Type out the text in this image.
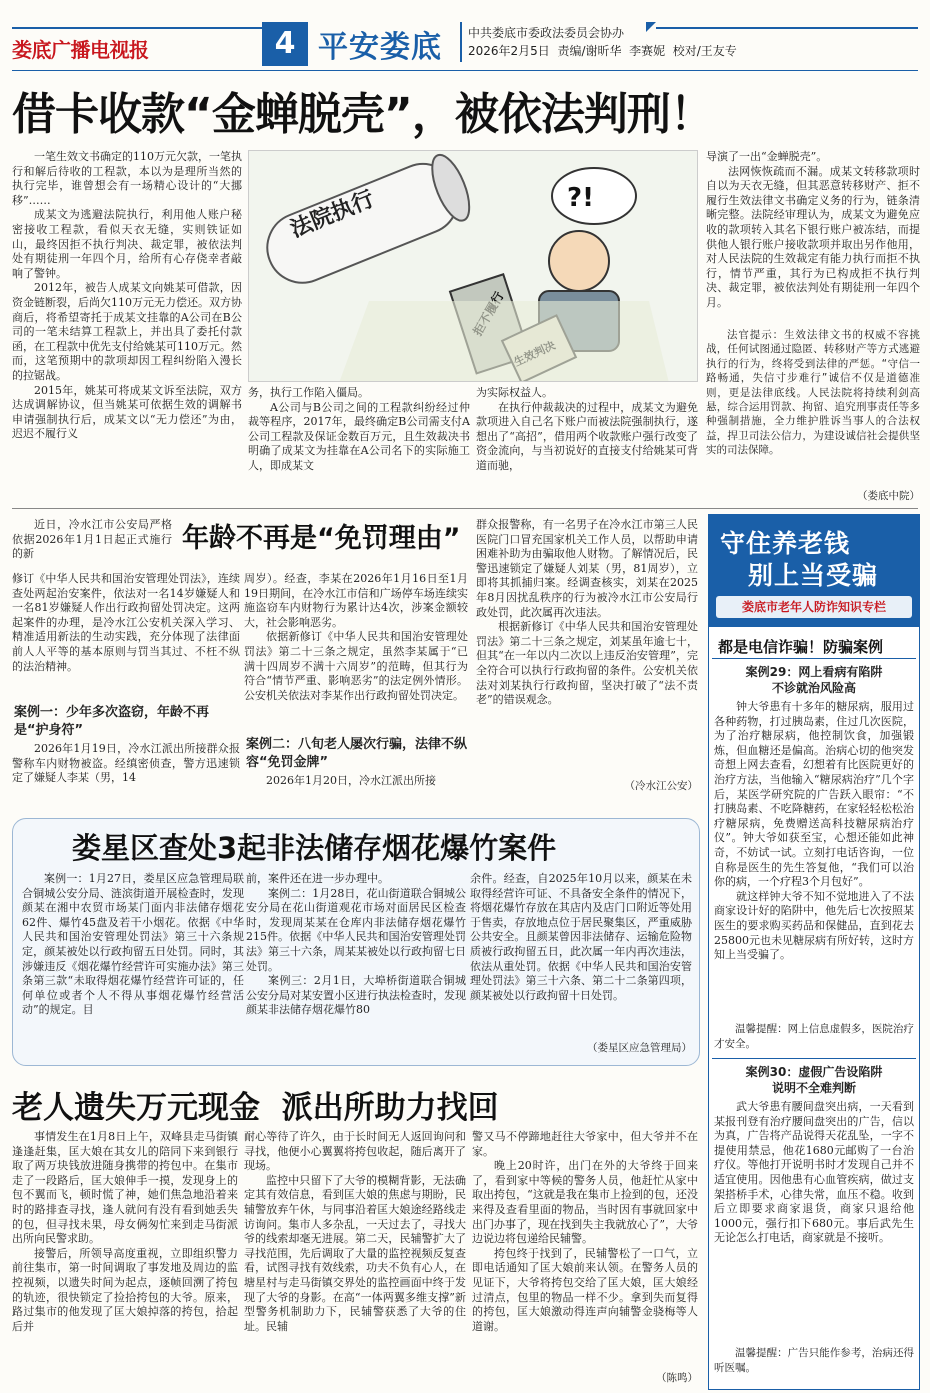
娄底广播电视报	4 平安娄底 中共娄底市委政法委员会协办
2026年2月5日  责编/谢昕华  李赛妮  校对/王友专
借卡收款“金蝉脱壳”，被依法判刑！

一笔生效文书确定的110万元欠款，一笔执行和解后待收的工程款，本以为是理所当然的执行完毕，谁曾想会有一场精心设计的“大挪移”……

成某文为逃避法院执行，利用他人账户秘密接收工程款，看似天衣无缝，实则铁证如山，最终因拒不执行判决、裁定罪，被依法判处有期徒刑一年四个月，给所有心存侥幸者敲响了警钟。

2012年，被告人成某文向姚某可借款，因资金链断裂，后尚欠110万元无力偿还。双方协商后，将希望寄托于成某文挂靠的A公司在B公司的一笔未结算工程款上，并出具了委托付款函，在工程款中优先支付给姚某可110万元。然而，这笔预期中的款项却因工程纠纷陷入漫长的拉锯战。

2015年，姚某可将成某文诉至法院，双方达成调解协议，但当姚某可依据生效的调解书申请强制执行后，成某文以“无力偿还”为由，迟迟不履行义

法院执行	?!

务，执行工作陷入僵局。

A公司与B公司之间的工程款纠纷经过仲裁等程序，2017年，最终确定B公司需支付A公司工程款及保证金数百万元，且生效裁决书明确了成某文为挂靠在A公司名下的实际施工人，即成某文

为实际权益人。

在执行仲裁裁决的过程中，成某文为避免款项进入自己名下账户而被法院强制执行，遂想出了“高招”，借用两个收款账户强行改变了资金流向，与当初说好的直接支付给姚某可背道而驰，

导演了一出“金蝉脱壳”。

法网恢恢疏而不漏。成某文转移款项时自以为天衣无缝，但其恶意转移财产、拒不履行生效法律文书确定义务的行为，链条清晰完整。法院经审理认为，成某文为避免应收的款项转入其名下银行账户被冻结，而提供他人银行账户接收款项并取出另作他用，对人民法院的生效裁定有能力执行而拒不执行，情节严重，其行为已构成拒不执行判决、裁定罪，被依法判处有期徒刑一年四个月。

法官提示：生效法律文书的权威不容挑战，任何试图通过隐匿、转移财产等方式逃避执行的行为，终将受到法律的严惩。“守信一路畅通，失信寸步难行”诚信不仅是道德准则，更是法律底线。人民法院将持续利剑高悬，综合运用罚款、拘留、追究刑事责任等多种强制措施，全力维护胜诉当事人的合法权益，捍卫司法公信力，为建设诚信社会提供坚实的司法保障。

（娄底中院）

近日，冷水江市公安局严格依据2026年1月1日起正式施行的新	年龄不再是“免罚理由”

修订《中华人民共和国治安管理处罚法》，连续查处两起治安案件，依法对一名14岁嫌疑人和一名81岁嫌疑人作出行政拘留处罚决定。这两起案件的办理，是冷水江公安机关深入学习、精准适用新法的生动实践，充分体现了法律面前人人平等的基本原则与罚当其过、不枉不纵的法治精神。

案例一：少年多次盗窃，年龄不再是“护身符”

2026年1月19日，冷水江派出所接群众报警称车内财物被盗。经缜密侦查，警方迅速锁定了嫌疑人李某（男，14

周岁）。经查，李某在2026年1月16日至1月19日期间，在冷水江市信和广场停车场连续实施盗窃车内财物行为累计达4次，涉案金额较大，社会影响恶劣。

依据新修订《中华人民共和国治安管理处罚法》第二十三条之规定，虽然李某属于“已满十四周岁不满十六周岁”的范畴，但其行为符合“情节严重、影响恶劣”的法定例外情形。公安机关依法对李某作出行政拘留处罚决定。

案例二：八旬老人屡次行骗，法律不纵容“免罚金牌”

2026年1月20日，冷水江派出所接

群众报警称，有一名男子在冷水江市第三人民医院门口冒充国家机关工作人员，以帮助申请困难补助为由骗取他人财物。了解情况后，民警迅速锁定了嫌疑人刘某（男，81周岁），立即将其抓捕归案。经调查核实，刘某在2025年8月因扰乱秩序的行为被冷水江市公安局行政处罚，此次属再次违法。

根据新修订《中华人民共和国治安管理处罚法》第二十三条之规定，刘某虽年逾七十，但其“在一年以内二次以上违反治安管理”，完全符合可以执行行政拘留的条件。公安机关依法对刘某执行行政拘留，坚决打破了“法不责老”的错误观念。

（冷水江公安）
娄星区查处3起非法储存烟花爆竹案件

案例一：1月27日，娄星区应急管理局联合铜城公安分局、涟滨街道开展检查时，发现颜某在湘中农贸市场某门面内非法储存烟花62件、爆竹45盘及若干小烟花。依据《中华人民共和国治安管理处罚法》第三十六条规定，颜某被处以行政拘留五日处罚。同时，其涉嫌违反《烟花爆竹经营许可实施办法》第三条第三款“未取得烟花爆竹经营许可证的，任何单位或者个人不得从事烟花爆竹经营活动”的规定。目

前，案件还在进一步办理中。

案例二：1月28日，花山街道联合铜城公安分局在花山街道观花市场对面居民区检查时，发现周某某在仓库内非法储存烟花爆竹215件。依据《中华人民共和国治安管理处罚法》第三十六条，周某某被处以行政拘留七日处罚。

案例三：2月1日，大埠桥街道联合铜城公安分局对某安置小区进行执法检查时，发现颜某非法储存烟花爆竹80

余件。经查，自2025年10月以来，颜某在未取得经营许可证、不具备安全条件的情况下，将烟花爆竹存放在其店内及店门口附近等处用于售卖，存放地点位于居民聚集区，严重威胁公共安全。且颜某曾因非法储存、运输危险物质被行政拘留五日，此次属一年内再次违法，依法从重处罚。依据《中华人民共和国治安管理处罚法》第三十六条、第二十二条第四项，颜某被处以行政拘留十日处罚。

（娄星区应急管理局）
老人遗失万元现金  派出所助力找回

事情发生在1月8日上午，双峰县走马街镇逢逢赶集，匡大娘在其女儿的陪同下来到银行取了两万块钱放进随身携带的挎包中。在集市走了一段路后，匡大娘伸手一摸，发现身上的包不翼而飞，顿时慌了神，她们焦急地沿着来时的路排查寻找，逢人就问有没有看到她丢失的包，但寻找未果，母女俩匆忙来到走马街派出所向民警求助。

接警后，所领导高度重视，立即组织警力前往集市，第一时间调取了事发地及周边的监控视频，以遗失时间为起点，逐帧回溯了挎包的轨迹，很快锁定了捡拾挎包的大爷。原来，路过集市的他发现了匡大娘掉落的挎包，拾起后并

耐心等待了许久，由于长时间无人返回询问和寻找，他便小心翼翼将挎包收起，随后离开了现场。

监控中只留下了大爷的模糊背影，无法确定其有效信息，看到匡大娘的焦虑与期盼，民辅警放弃午休，与同事沿着匡大娘途经路线走访询问。集市人多杂乱，一天过去了，寻找大爷的线索却毫无进展。第二天，民辅警扩大了寻找范围，先后调取了大量的监控视频反复查看，试图寻找有效线索，功夫不负有心人，在塘星村与走马街镇交界处的监控画面中终于发现了大爷的身影。在高“一体两翼多维支撑”新型警务机制助力下，民辅警获悉了大爷的住址。民辅

警又马不停蹄地赶往大爷家中，但大爷并不在家。

晚上20时许，出门在外的大爷终于回来了，看到家中等候的警务人员，他赶忙从家中取出挎包，“这就是我在集市上捡到的包，还没来得及查看里面的物品，当时因有事就回家中出门办事了，现在找到失主我就放心了”，大爷边说边将包递给民辅警。

挎包终于找到了，民辅警松了一口气，立即电话通知了匡大娘前来认领。在警务人员的见证下，大爷将挎包交给了匡大娘，匡大娘经过清点，包里的物品一样不少。拿到失而复得的挎包，匡大娘激动得连声向辅警金骁梅等人道谢。

（陈鸣）
守住养老钱
别上当受骗
娄底市老年人防诈知识专栏
都是电信诈骗！防骗案例
案例29：网上看病有陷阱
不诊就治风险高

钟大爷患有十多年的糖尿病，服用过各种药物，打过胰岛素，住过几次医院，为了治疗糖尿病，他控制饮食，加强锻炼，但血糖还是偏高。治病心切的他突发奇想上网去查看，幻想着有比医院更好的治疗方法，当他输入“糖尿病治疗”几个字后，某医学研究院的广告跃入眼帘：“不打胰岛素、不吃降糖药，在家轻轻松松治疗糖尿病，免费赠送高科技糖尿病治疗仪”。钟大爷如获至宝，心想还能如此神奇，不妨试一试。立刻打电话咨询，一位自称是医生的先生答复他，“我们可以治你的病，一个疗程3个月包好”。

就这样钟大爷不知不觉地进入了不法商家设计好的陷阱中，他先后七次按照某医生的要求购买药品和保健品，直到花去25800元也未见糖尿病有所好转，这时方知上当受骗了。

温馨提醒：网上信息虚假多，医院治疗才安全。

案例30：虚假广告设陷阱
说明不全难判断

武大爷患有腰间盘突出病，一天看到某报刊登有治疗腰间盘突出的广告，信以为真，广告将产品说得天花乱坠，一字不提使用禁忌，他花1680元邮购了一台治疗仪。等他打开说明书时才发现自己并不适宜使用。因他患有心血管疾病，做过支架搭桥手术，心律失常，血压不稳。收到后立即要求商家退货，商家只退给他1000元，强行扣下680元。事后武先生无论怎么打电话，商家就是不接听。

温馨提醒：广告只能作参考，治病还得听医嘱。
